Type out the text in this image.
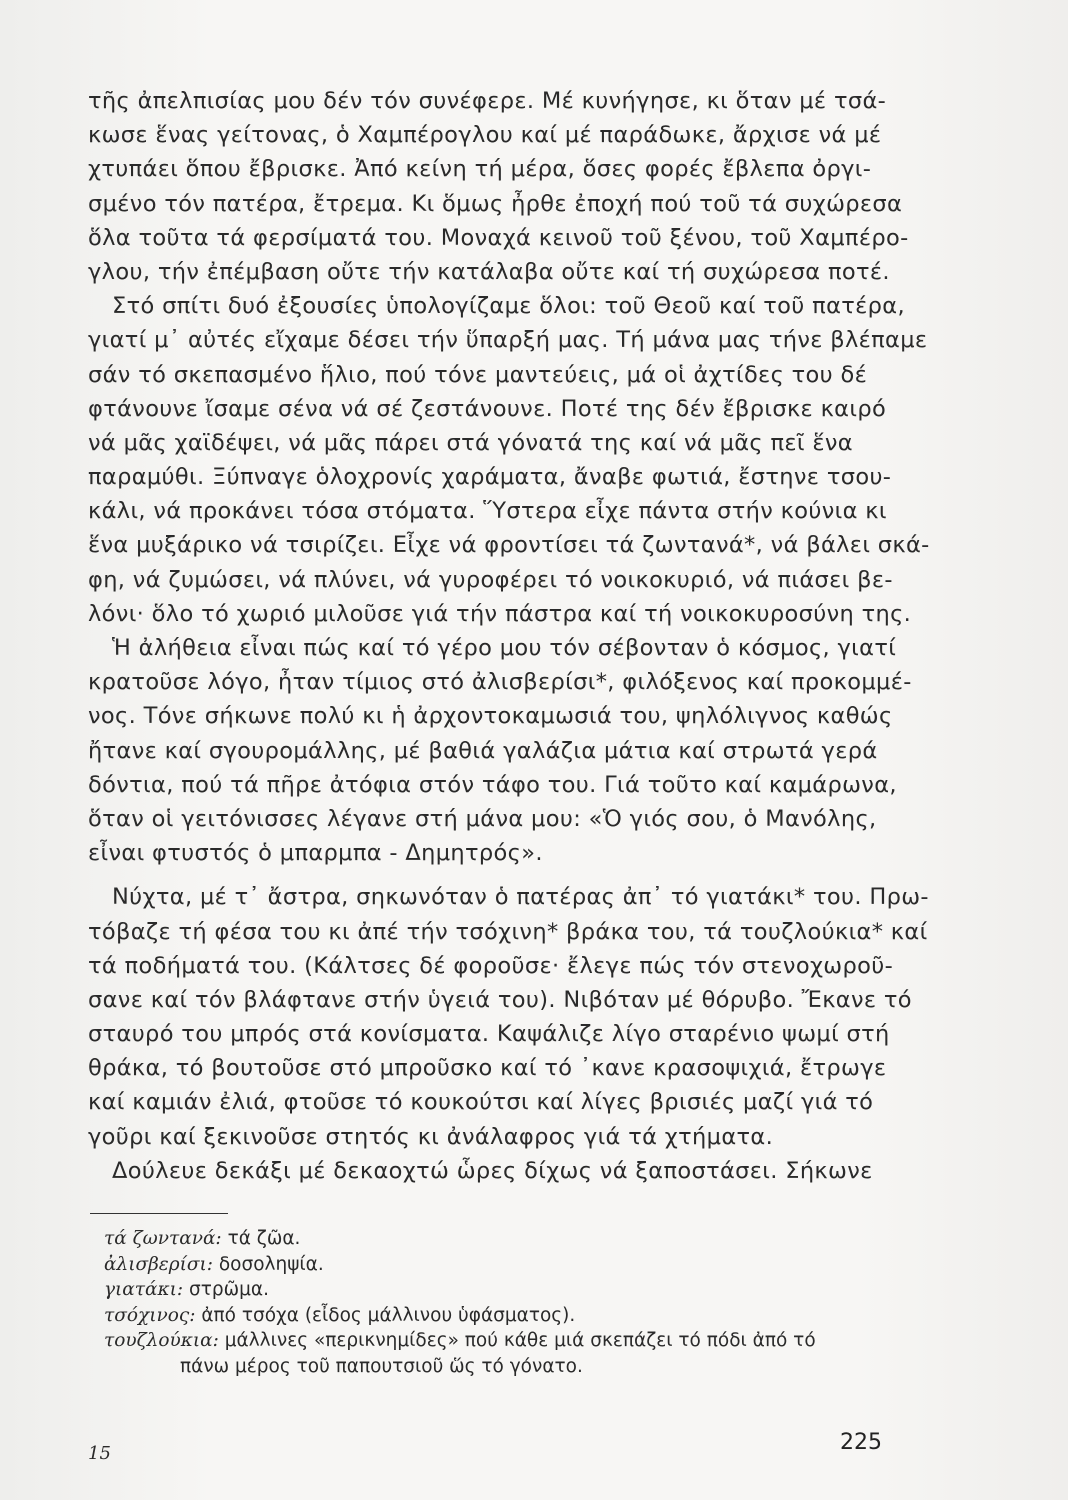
τῆς ἀπελπισίας μου δέν τόν συνέφερε. Μέ κυνήγησε, κι ὅταν μέ τσά-
κωσε ἕνας γείτονας, ὁ Χαμπέρογλου καί μέ παράδωκε, ἄρχισε νά μέ
χτυπάει ὅπου ἔβρισκε. Ἀπό κείνη τή μέρα, ὅσες φορές ἔβλεπα ὀργι-
σμένο τόν πατέρα, ἔτρεμα. Κι ὅμως ἦρθε ἐποχή πού τοῦ τά συχώρεσα
ὅλα τοῦτα τά φερσίματά του. Μοναχά κεινοῦ τοῦ ξένου, τοῦ Χαμπέρο-
γλου, τήν ἐπέμβαση οὔτε τήν κατάλαβα οὔτε καί τή συχώρεσα ποτέ.
Στό σπίτι δυό ἐξουσίες ὑπολογίζαμε ὅλοι: τοῦ Θεοῦ καί τοῦ πατέρα,
γιατί μ᾽ αὐτές εἴχαμε δέσει τήν ὕπαρξή μας. Τή μάνα μας τήνε βλέπαμε
σάν τό σκεπασμένο ἥλιο, πού τόνε μαντεύεις, μά οἱ ἀχτίδες του δέ
φτάνουνε ἴσαμε σένα νά σέ ζεστάνουνε. Ποτέ της δέν ἔβρισκε καιρό
νά μᾶς χαϊδέψει, νά μᾶς πάρει στά γόνατά της καί νά μᾶς πεῖ ἕνα
παραμύθι. Ξύπναγε ὁλοχρονίς χαράματα, ἄναβε φωτιά, ἔστηνε τσου-
κάλι, νά προκάνει τόσα στόματα. Ὕστερα εἶχε πάντα στήν κούνια κι
ἕνα μυξάρικο νά τσιρίζει. Εἶχε νά φροντίσει τά ζωντανά*, νά βάλει σκά-
φη, νά ζυμώσει, νά πλύνει, νά γυροφέρει τό νοικοκυριό, νά πιάσει βε-
λόνι· ὅλο τό χωριό μιλοῦσε γιά τήν πάστρα καί τή νοικοκυροσύνη της.
Ἡ ἀλήθεια εἶναι πώς καί τό γέρο μου τόν σέβονταν ὁ κόσμος, γιατί
κρατοῦσε λόγο, ἦταν τίμιος στό ἀλισβερίσι*, φιλόξενος καί προκομμέ-
νος. Τόνε σήκωνε πολύ κι ἡ ἀρχοντοκαμωσιά του, ψηλόλιγνος καθώς
ἤτανε καί σγουρομάλλης, μέ βαθιά γαλάζια μάτια καί στρωτά γερά
δόντια, πού τά πῆρε ἀτόφια στόν τάφο του. Γιά τοῦτο καί καμάρωνα,
ὅταν οἱ γειτόνισσες λέγανε στή μάνα μου: «Ὁ γιός σου, ὁ Μανόλης,
εἶναι φτυστός ὁ μπαρμπα - Δημητρός».
Νύχτα, μέ τ᾽ ἄστρα, σηκωνόταν ὁ πατέρας ἀπ᾽ τό γιατάκι* του. Πρω-
τόβαζε τή φέσα του κι ἀπέ τήν τσόχινη* βράκα του, τά τουζλούκια* καί
τά ποδήματά του. (Κάλτσες δέ φοροῦσε· ἔλεγε πώς τόν στενοχωροῦ-
σανε καί τόν βλάφτανε στήν ὑγειά του). Νιβόταν μέ θόρυβο. Ἔκανε τό
σταυρό του μπρός στά κονίσματα. Καψάλιζε λίγο σταρένιο ψωμί στή
θράκα, τό βουτοῦσε στό μπροῦσκο καί τό ᾽κανε κρασοψιχιά, ἔτρωγε
καί καμιάν ἐλιά, φτοῦσε τό κουκούτσι καί λίγες βρισιές μαζί γιά τό
γοῦρι καί ξεκινοῦσε στητός κι ἀνάλαφρος γιά τά χτήματα.
Δούλευε δεκάξι μέ δεκαοχτώ ὧρες δίχως νά ξαποστάσει. Σήκωνε
τά ζωντανά: τά ζῶα.
ἀλισβερίσι: δοσοληψία.
γιατάκι: στρῶμα.
τσόχινος: ἀπό τσόχα (εἶδος μάλλινου ὑφάσματος).
τουζλούκια: μάλλινες «περικνημίδες» πού κάθε μιά σκεπάζει τό πόδι ἀπό τό
πάνω μέρος τοῦ παπουτσιοῦ ὥς τό γόνατο.
15	225
